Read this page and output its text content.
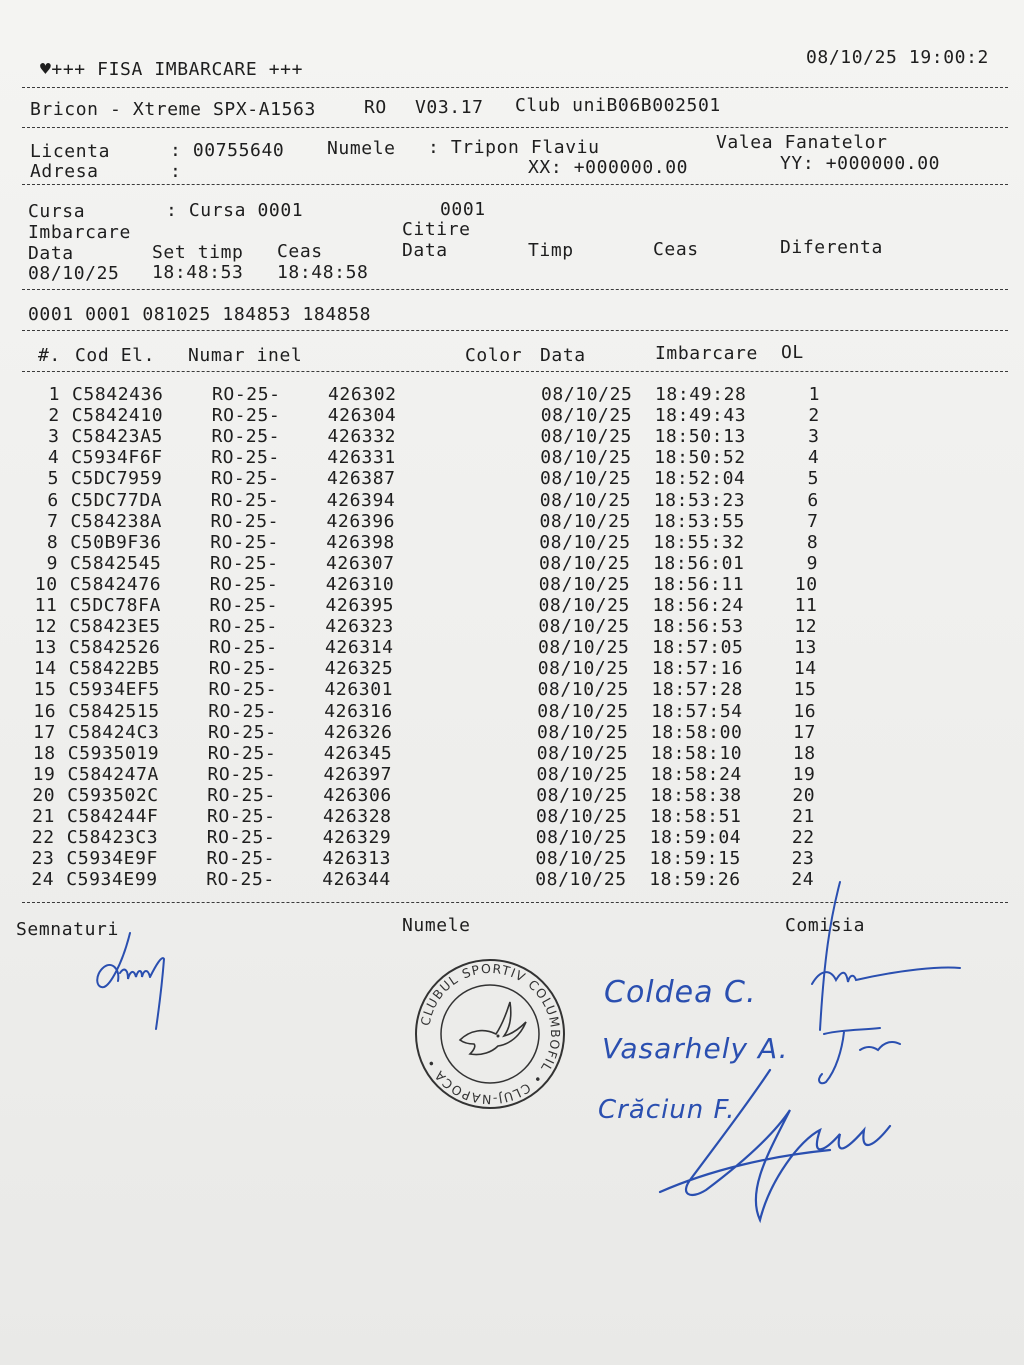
♥+++ FISA IMBARCARE +++
08/10/25 19:00:2
Bricon - Xtreme SPX-A1563	RO V03.17 Club uniB06B002501
Licenta	: 00755640 Numele : Tripon Flaviu	Valea Fanatelor
Adresa	:	XX: +000000.00	YY: +000000.00
Cursa	: Cursa 0001	0001
Imbarcare	Citire
Data	Set timp Ceas	Data	Timp	Ceas	Diferenta
08/10/25 18:48:53 18:48:58
0001 0001 081025 184853 184858
#. Cod El. Numar inel	Color Data	Imbarcare OL
1 C5842436	RO-25-	426302	08/10/25 18:49:28	1
2 C5842410	RO-25-	426304	08/10/25 18:49:43	2
3 C58423A5	RO-25-	426332	08/10/25 18:50:13	3
4 C5934F6F	RO-25-	426331	08/10/25 18:50:52	4
5 C5DC7959	RO-25-	426387	08/10/25 18:52:04	5
6 C5DC77DA	RO-25-	426394	08/10/25 18:53:23	6
7 C584238A	RO-25-	426396	08/10/25 18:53:55	7
8 C50B9F36	RO-25-	426398	08/10/25 18:55:32	8
9 C5842545	RO-25-	426307	08/10/25 18:56:01	9
10 C5842476	RO-25-	426310	08/10/25 18:56:11	10
11 C5DC78FA	RO-25-	426395	08/10/25 18:56:24	11
12 C58423E5	RO-25-	426323	08/10/25 18:56:53	12
13 C5842526	RO-25-	426314	08/10/25 18:57:05	13
14 C58422B5	RO-25-	426325	08/10/25 18:57:16	14
15 C5934EF5	RO-25-	426301	08/10/25 18:57:28	15
16 C5842515	RO-25-	426316	08/10/25 18:57:54	16
17 C58424C3	RO-25-	426326	08/10/25 18:58:00	17
18 C5935019	RO-25-	426345	08/10/25 18:58:10	18
19 C584247A	RO-25-	426397	08/10/25 18:58:24	19
20 C593502C	RO-25-	426306	08/10/25 18:58:38	20
21 C584244F	RO-25-	426328	08/10/25 18:58:51	21
22 C58423C3	RO-25-	426329	08/10/25 18:59:04	22
23 C5934E9F	RO-25-	426313	08/10/25 18:59:15	23
24 C5934E99	RO-25-	426344	08/10/25 18:59:26	24
Semnaturi	Numele	Comisia
CLUBUL SPORTIV COLUMBOFIL • CLUJ-NAPOCA •
Coldea C.
Vasarhely A.
Crăciun F.
